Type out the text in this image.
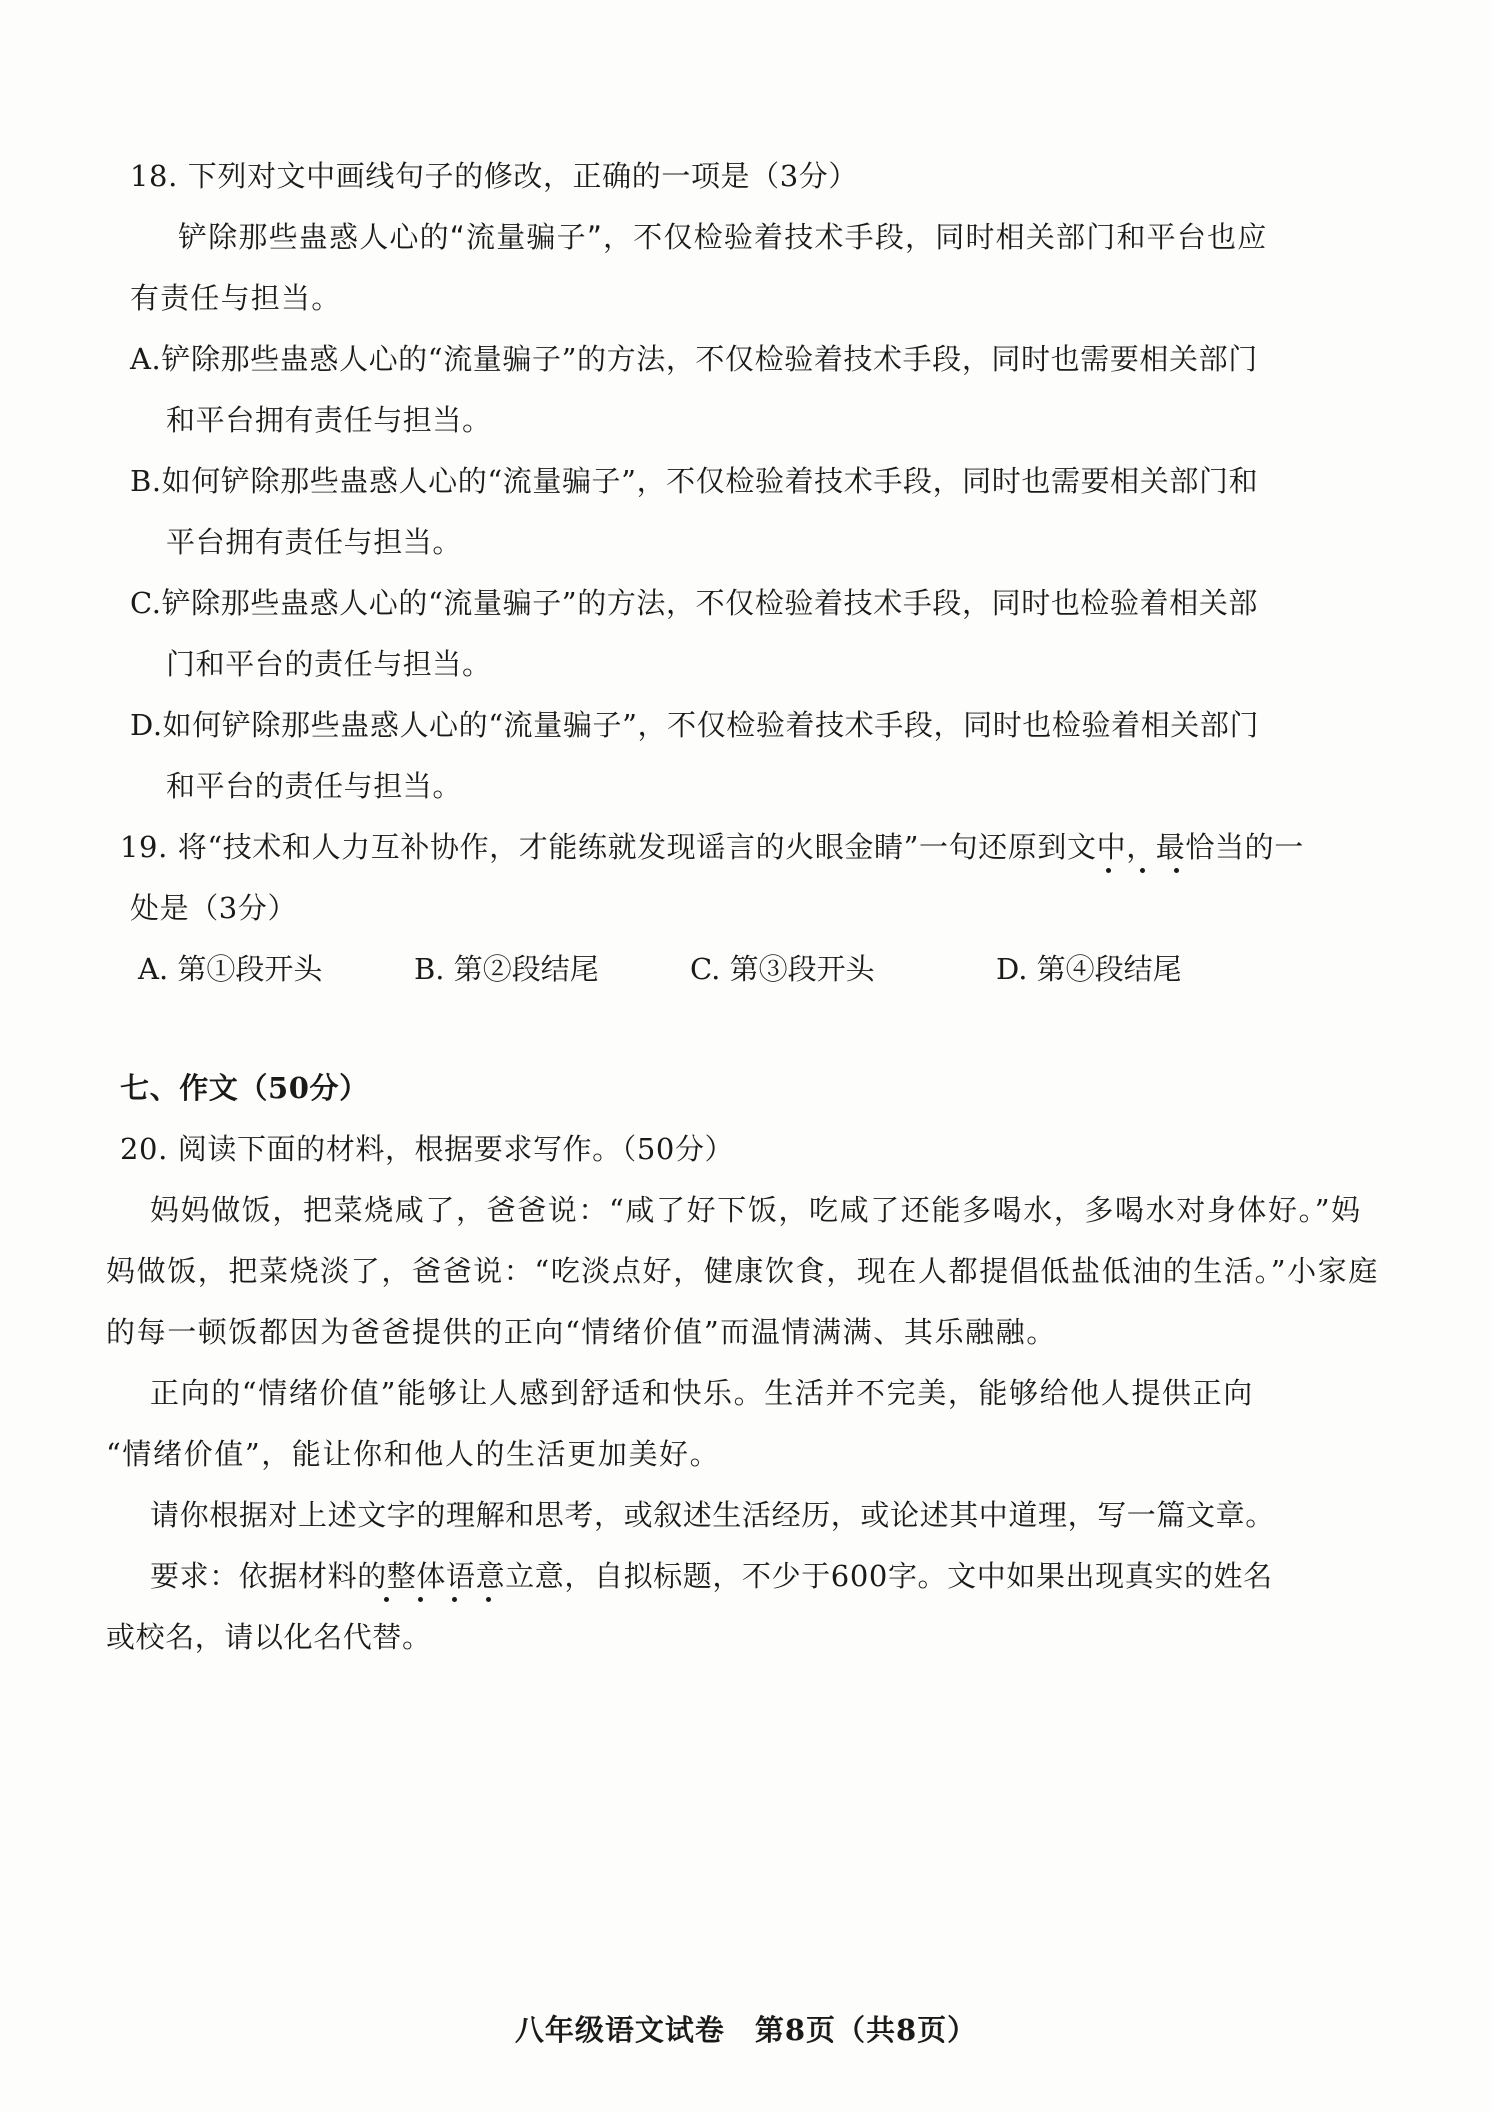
18. 下列对文中画线句子的修改，正确的一项是（3分）
铲除那些蛊惑人心的“流量骗子”，不仅检验着技术手段，同时相关部门和平台也应
有责任与担当。
A.铲除那些蛊惑人心的“流量骗子”的方法，不仅检验着技术手段，同时也需要相关部门
和平台拥有责任与担当。
B.如何铲除那些蛊惑人心的“流量骗子”，不仅检验着技术手段，同时也需要相关部门和
平台拥有责任与担当。
C.铲除那些蛊惑人心的“流量骗子”的方法，不仅检验着技术手段，同时也检验着相关部
门和平台的责任与担当。
D.如何铲除那些蛊惑人心的“流量骗子”，不仅检验着技术手段，同时也检验着相关部门
和平台的责任与担当。
19. 将“技术和人力互补协作，才能练就发现谣言的火眼金睛”一句还原到文中，最恰当的一
处是（3分）
A. 第①段开头	B. 第②段结尾	C. 第③段开头	D. 第④段结尾
七、作文（50分）
20. 阅读下面的材料，根据要求写作。（50分）
妈妈做饭，把菜烧咸了，爸爸说：“咸了好下饭，吃咸了还能多喝水，多喝水对身体好。”妈
妈做饭，把菜烧淡了，爸爸说：“吃淡点好，健康饮食，现在人都提倡低盐低油的生活。”小家庭
的每一顿饭都因为爸爸提供的正向“情绪价值”而温情满满、其乐融融。
正向的“情绪价值”能够让人感到舒适和快乐。生活并不完美，能够给他人提供正向
“情绪价值”，能让你和他人的生活更加美好。
请你根据对上述文字的理解和思考，或叙述生活经历，或论述其中道理，写一篇文章。
要求：依据材料的整体语意立意，自拟标题，不少于600字。文中如果出现真实的姓名
或校名，请以化名代替。
八年级语文试卷　第8页（共8页）
